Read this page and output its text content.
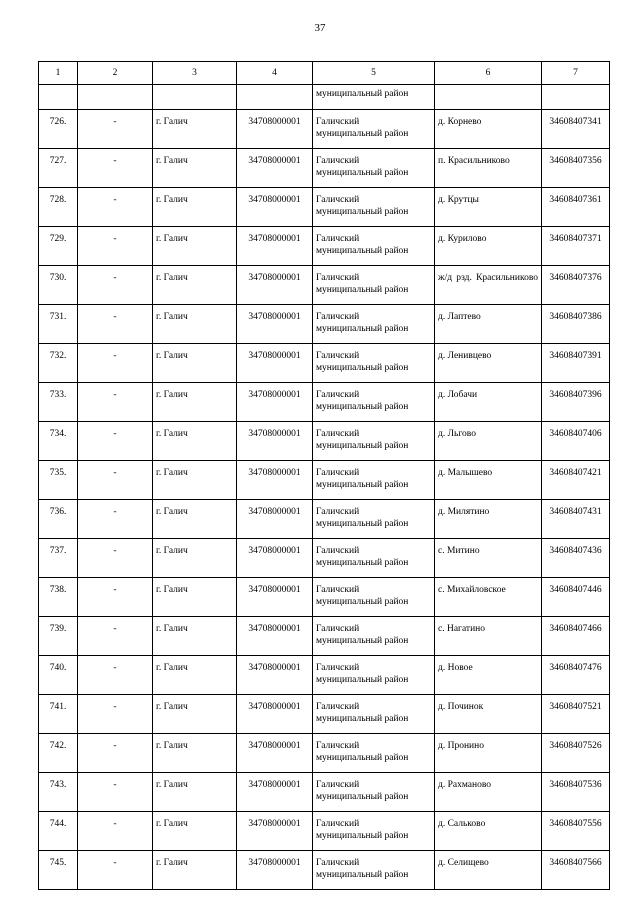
37
1	2	3	4	5	6	7
				муниципальный район		
726.	-	г. Галич	34708000001	Галичский
муниципальный район	д. Корнево	34608407341
727.	-	г. Галич	34708000001	Галичский
муниципальный район	п. Красильниково	34608407356
728.	-	г. Галич	34708000001	Галичский
муниципальный район	д. Крутцы	34608407361
729.	-	г. Галич	34708000001	Галичский
муниципальный район	д. Курилово	34608407371
730.	-	г. Галич	34708000001	Галичский
муниципальный район	ж/д рзд. Красильниково	34608407376
731.	-	г. Галич	34708000001	Галичский
муниципальный район	д. Лаптево	34608407386
732.	-	г. Галич	34708000001	Галичский
муниципальный район	д. Ленивцево	34608407391
733.	-	г. Галич	34708000001	Галичский
муниципальный район	д. Лобачи	34608407396
734.	-	г. Галич	34708000001	Галичский
муниципальный район	д. Льгово	34608407406
735.	-	г. Галич	34708000001	Галичский
муниципальный район	д. Малышево	34608407421
736.	-	г. Галич	34708000001	Галичский
муниципальный район	д. Милятино	34608407431
737.	-	г. Галич	34708000001	Галичский
муниципальный район	с. Митино	34608407436
738.	-	г. Галич	34708000001	Галичский
муниципальный район	с. Михайловское	34608407446
739.	-	г. Галич	34708000001	Галичский
муниципальный район	с. Нагатино	34608407466
740.	-	г. Галич	34708000001	Галичский
муниципальный район	д. Новое	34608407476
741.	-	г. Галич	34708000001	Галичский
муниципальный район	д. Починок	34608407521
742.	-	г. Галич	34708000001	Галичский
муниципальный район	д. Пронино	34608407526
743.	-	г. Галич	34708000001	Галичский
муниципальный район	д. Рахманово	34608407536
744.	-	г. Галич	34708000001	Галичский
муниципальный район	д. Сальково	34608407556
745.	-	г. Галич	34708000001	Галичский
муниципальный район	д. Селищево	34608407566
